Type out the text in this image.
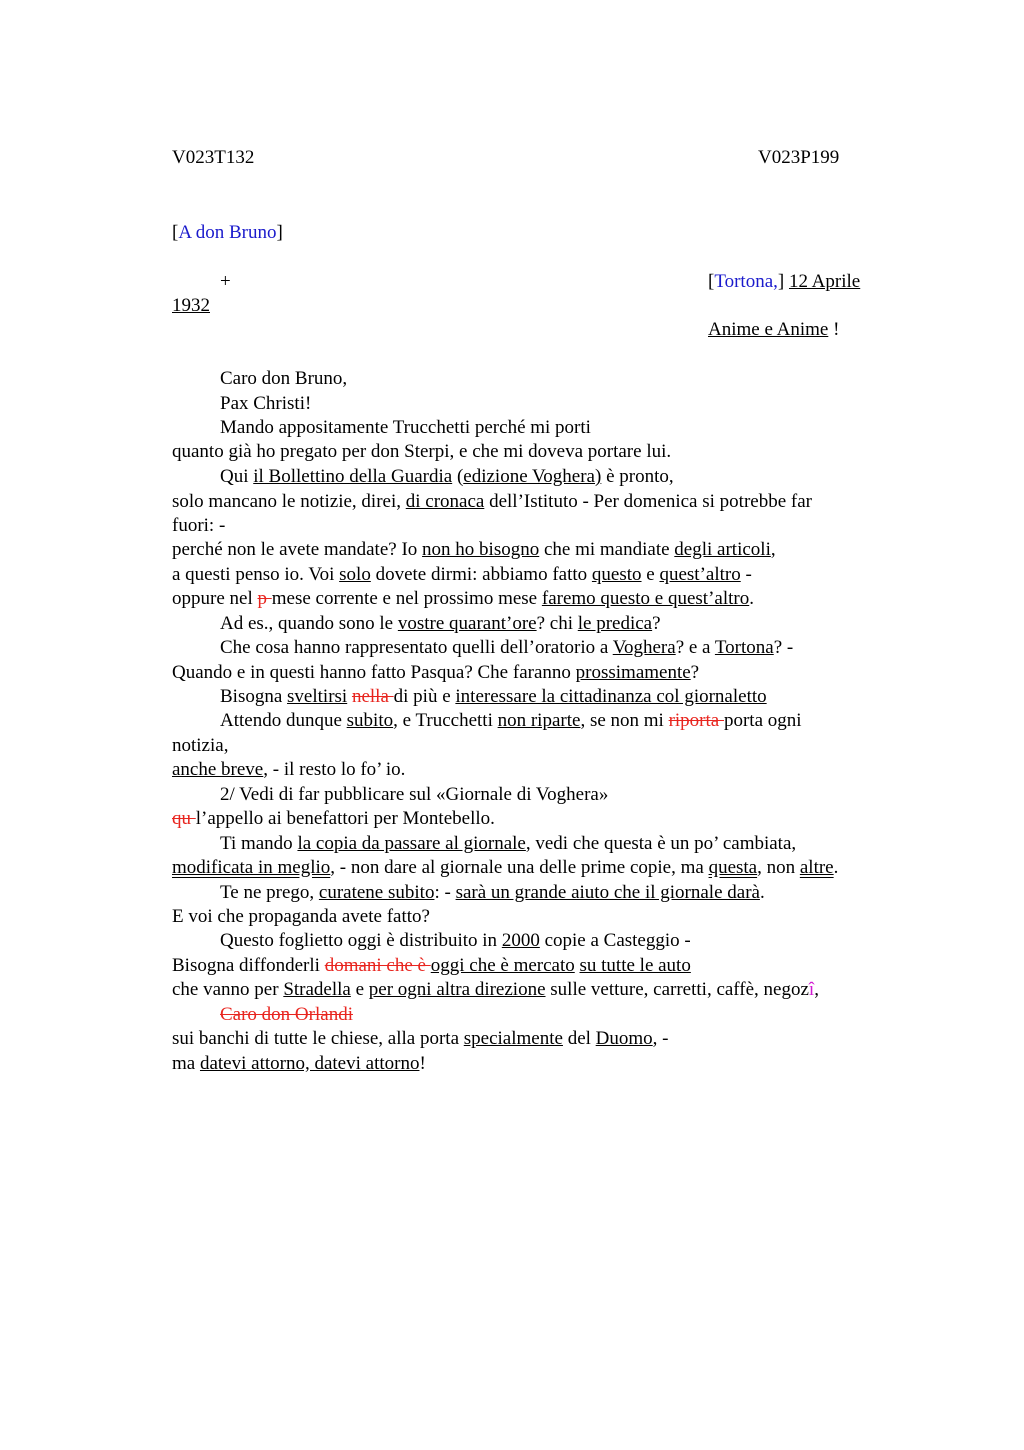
V023T132	V023P199
[A don Bruno]
+	[Tortona,] 12 Aprile
1932
Anime e Anime !
Caro don Bruno,
Pax Christi!
Mando appositamente Trucchetti perché mi porti
quanto già ho pregato per don Sterpi, e che mi doveva portare lui.
Qui il Bollettino della Guardia (edizione Voghera) è pronto,
solo mancano le notizie, direi, di cronaca dell’Istituto - Per domenica si potrebbe far
fuori: -
perché non le avete mandate? Io non ho bisogno che mi mandiate degli articoli,
a questi penso io. Voi solo dovete dirmi: abbiamo fatto questo e quest’altro -
oppure nel p mese corrente e nel prossimo mese faremo questo e quest’altro.
Ad es., quando sono le vostre quarant’ore? chi le predica?
Che cosa hanno rappresentato quelli dell’oratorio a Voghera? e a Tortona? -
Quando e in questi hanno fatto Pasqua? Che faranno prossimamente?
Bisogna sveltirsi nella di più e interessare la cittadinanza col giornaletto
Attendo dunque subito, e Trucchetti non riparte, se non mi riporta porta ogni
notizia,
anche breve, - il resto lo fo’ io.
2/ Vedi di far pubblicare sul «Giornale di Voghera»
qu l’appello ai benefattori per Montebello.
Ti mando la copia da passare al giornale, vedi che questa è un po’ cambiata,
modificata in meglio, - non dare al giornale una delle prime copie, ma questa, non altre.
Te ne prego, curatene subito: - sarà un grande aiuto che il giornale darà.
E voi che propaganda avete fatto?
Questo foglietto oggi è distribuito in 2000 copie a Casteggio -
Bisogna diffonderli domani che è oggi che è mercato su tutte le auto
che vanno per Stradella e per ogni altra direzione sulle vetture, carretti, caffè, negozî,
Caro don Orlandi
sui banchi di tutte le chiese, alla porta specialmente del Duomo, -
ma datevi attorno, datevi attorno!
